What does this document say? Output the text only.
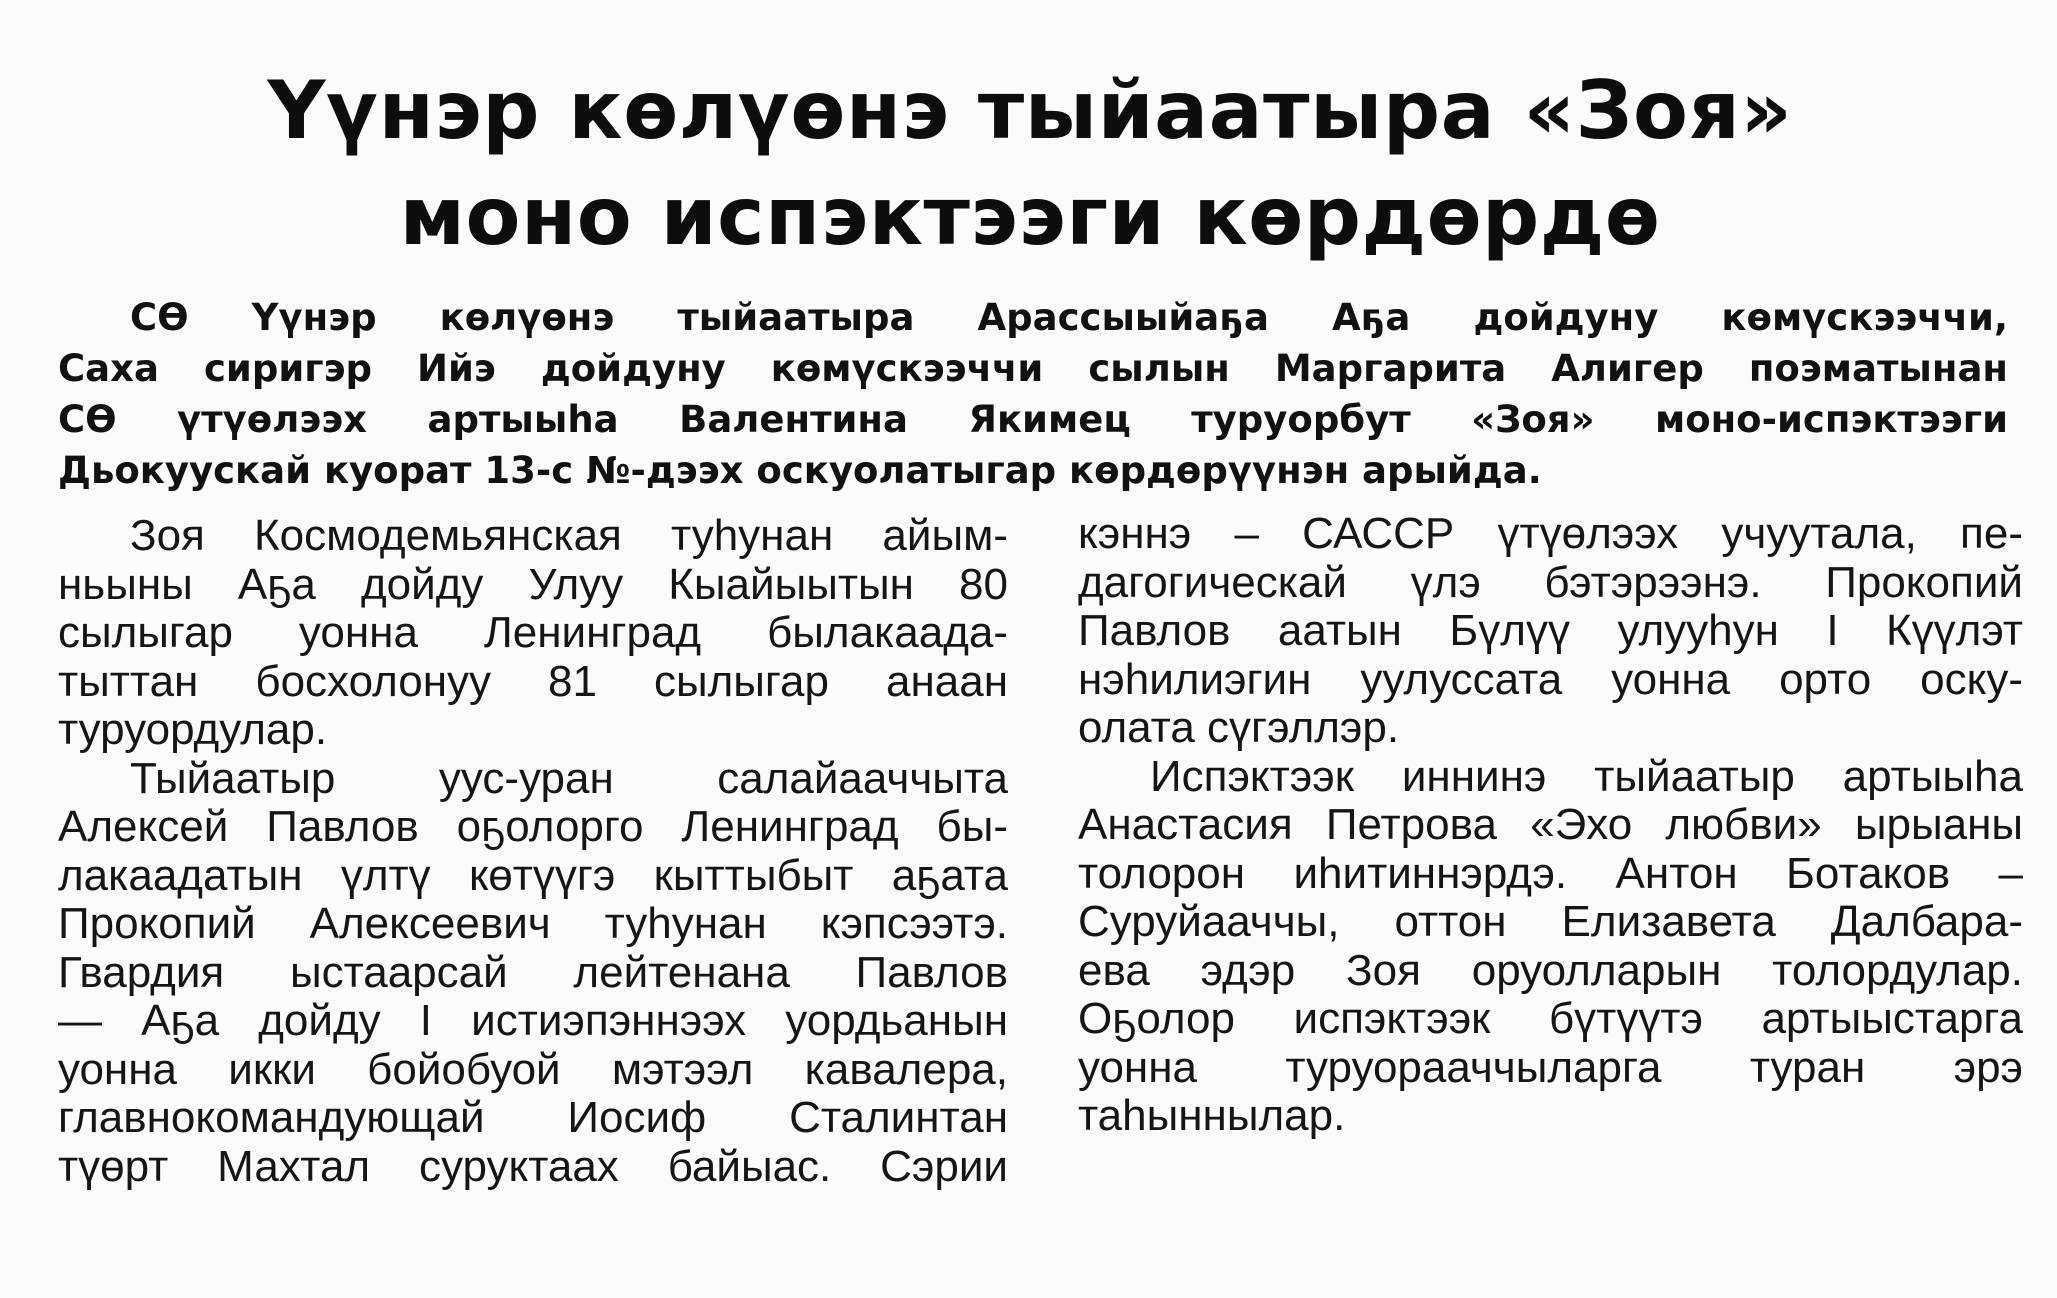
Үүнэр көлүөнэ тыйаатыра «Зоя»
моно испэктээги көрдөрдө
СӨ Үүнэр көлүөнэ тыйаатыра Арассыыйаҕа Аҕа дойдуну көмүскээччи,
Саха сиригэр Ийэ дойдуну көмүскээччи сылын Маргарита Алигер поэматынан
СӨ үтүөлээх артыыһа Валентина Якимец туруорбут «Зоя» моно-испэктээги
Дьокуускай куорат 13-с №-дээх оскуолатыгар көрдөрүүнэн арыйда.
Зоя Космодемьянская туһунан айым-
ньыны Аҕа дойду Улуу Кыайыытын 80
сылыгар уонна Ленинград былакаада-
тыттан босхолонуу 81 сылыгар анаан
туруордулар.
Тыйаатыр уус-уран салайааччыта
Алексей Павлов оҕолорго Ленинград бы-
лакаадатын үлтү көтүүгэ кыттыбыт аҕата
Прокопий Алексеевич туһунан кэпсээтэ.
Гвардия ыстаарсай лейтенана Павлов
— Аҕа дойду I истиэпэннээх уордьанын
уонна икки бойобуой мэтээл кавалера,
главнокомандующай Иосиф Сталинтан
түөрт Махтал суруктаах байыас. Сэрии
кэннэ – САССР үтүөлээх учуутала, пе-
дагогическай үлэ бэтэрээнэ. Прокопий
Павлов аатын Бүлүү улууһун I Күүлэт
нэһилиэгин уулуссата уонна орто оску-
олата сүгэллэр.
Испэктээк иннинэ тыйаатыр артыыһа
Анастасия Петрова «Эхо любви» ырыаны
толорон иһитиннэрдэ. Антон Ботаков –
Суруйааччы, оттон Елизавета Далбара-
ева эдэр Зоя оруолларын толордулар.
Оҕолор испэктээк бүтүүтэ артыыстарга
уонна туруорааччыларга туран эрэ
таһыннылар.
